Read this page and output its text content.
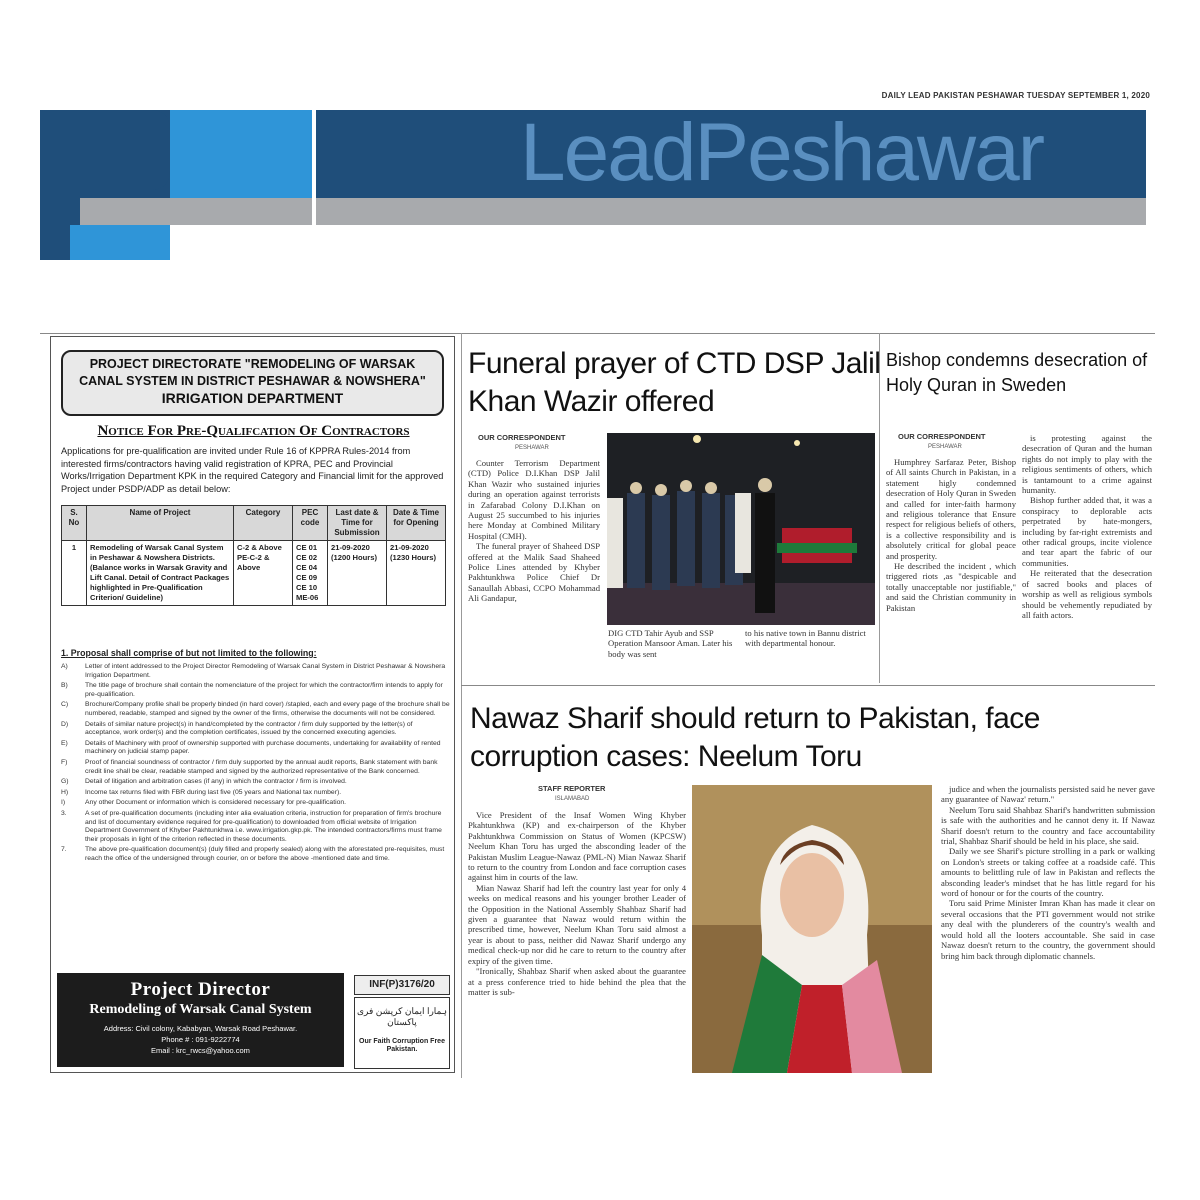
DAILY LEAD PAKISTAN PESHAWAR TUESDAY SEPTEMBER 1, 2020
LeadPeshawar
PROJECT DIRECTORATE "REMODELING OF WARSAK
CANAL SYSTEM IN DISTRICT PESHAWAR & NOWSHERA"
IRRIGATION DEPARTMENT
Notice For Pre-Qualifcation Of Contractors
Applications for pre-qualification are invited under Rule 16 of KPPRA Rules-2014 from interested firms/contractors having valid registration of KPRA, PEC and Provincial Works/Irrigation Department KPK in the required Category and Financial limit for the approved Project under PSDP/ADP as detail below:
S. No	Name of Project	Category	PEC code	Last date & Time for Submission	Date & Time for Opening
1	Remodeling of Warsak Canal System in Peshawar & Nowshera Districts. (Balance works in Warsak Gravity and Lift Canal. Detail of Contract Packages highlighted in Pre-Qualification Criterion/ Guideline)	C-2 & Above PE-C-2 & Above	CE 01 CE 02 CE 04 CE 09 CE 10 ME-06	21-09-2020 (1200 Hours)	21-09-2020 (1230 Hours)
1. Proposal shall comprise of but not limited to the following:
A)	Letter of intent addressed to the Project Director Remodeling of Warsak Canal System in District Peshawar & Nowshera Irrigation Department.
B)	The title page of brochure shall contain the nomenclature of the project for which the contractor/firm intends to apply for pre-qualification.
C)	Brochure/Company profile shall be properly binded (in hard cover) /stapled, each and every page of the brochure shall be numbered, readable, stamped and signed by the owner of the firms, otherwise the documents will not be considered.
D)	Details of similar nature project(s) in hand/completed by the contractor / firm duly supported by the letter(s) of acceptance, work order(s) and the completion certificates, issued by the concerned executing agencies.
E)	Details of Machinery with proof of ownership supported with purchase documents, undertaking for availability of rented machinery on judicial stamp paper.
F)	Proof of financial soundness of contractor / firm duly supported by the annual audit reports, Bank statement with bank credit line shall be clear, readable stamped and signed by the authorized representative of the Bank concerned.
G)	Detail of litigation and arbitration cases (if any) in which the contractor / firm is involved.
H)	Income tax returns filed with FBR during last five (05 years and National tax number).
I)	Any other Document or information which is considered necessary for pre-qualification.
3.	A set of pre-qualification documents (including inter alia evaluation criteria, instruction for preparation of firm's brochure and list of documentary evidence required for pre-qualification) to downloaded from official website of Irrigation Department Government of Khyber Pakhtunkhwa i.e. www.irrigation.gkp.pk. The intended contractors/firms must frame their proposals in light of the criterion reflected in these documents.
7.	The above pre-qualification document(s) (duly filled and properly sealed) along with the aforestated pre-requisites, must reach the office of the undersigned through courier, on or before the above -mentioned date and time.
Project Director
Remodeling of Warsak Canal System
Address: Civil colony, Kababyan, Warsak Road Peshawar.
Phone # : 091-9222774
Email : krc_rwcs@yahoo.com
INF(P)3176/20
ہمارا ایمان کرپشن فری پاکستان
Our Faith Corruption Free Pakistan.
Funeral prayer of CTD DSP Jalil Khan Wazir offered
OUR CORRESPONDENT
PESHAWAR

Counter Terrorism Department (CTD) Police D.I.Khan DSP Jalil Khan Wazir who sustained injuries during an operation against terrorists in Zafarabad Colony D.I.Khan on August 25 succumbed to his injuries here Monday at Combined Military Hospital (CMH).

The funeral prayer of Shaheed DSP offered at the Malik Saad Shaheed Police Lines attended by Khyber Pakhtunkhwa Police Chief Dr Sanaullah Abbasi, CCPO Mohammad Ali Gandapur,

DIG CTD Tahir Ayub and SSP Operation Mansoor Aman. Later his body was sent
to his native town in Bannu district with departmental honour.
Bishop condemns desecration of Holy Quran in Sweden
OUR CORRESPONDENT
PESHAWAR

Humphrey Sarfaraz Peter, Bishop of All saints Church in Pakistan, in a statement higly condemned desecration of Holy Quran in Sweden and called for inter-faith harmony and religious tolerance that Ensure respect for religious beliefs of others, is a collective responsibility and is absolutely critical for global peace and prosperity.

He described the incident , which triggered riots ,as "despicable and totally unacceptable nor justifiable," and said the Christian community in Pakistan

is protesting against the desecration of Quran and the human rights do not imply to play with the religious sentiments of others, which is tantamount to a crime against humanity.

Bishop further added that, it was a conspiracy to deplorable acts perpetrated by hate-mongers, including by far-right extremists and other radical groups, incite violence and tear apart the fabric of our communities.

He reiterated that the desecration of sacred books and places of worship as well as religious symbols should be vehemently repudiated by all faith actors.

Nawaz Sharif should return to Pakistan, face corruption cases: Neelum Toru
STAFF REPORTER
ISLAMABAD

Vice President of the Insaf Women Wing Khyber Pkahtunkhwa (KP) and ex-chairperson of the Khyber Pakhtunkhwa Commission on Status of Women (KPCSW) Neelum Khan Toru has urged the absconding leader of the Pakistan Muslim League-Nawaz (PML-N) Mian Nawaz Sharif to return to the country from London and face corruption cases against him in courts of the law.

Mian Nawaz Sharif had left the country last year for only 4 weeks on medical reasons and his younger brother Leader of the Opposition in the National Assembly Shahbaz Sharif had given a guarantee that Nawaz would return within the prescribed time, however, Neelum Khan Toru said almost a year is about to pass, neither did Nawaz Sharif undergo any medical check-up nor did he care to return to the country after expiry of the given time.

"Ironically, Shahbaz Sharif when asked about the guarantee at a press conference tried to hide behind the plea that the matter is sub-

judice and when the journalists persisted said he never gave any guarantee of Nawaz' return."

Neelum Toru said Shahbaz Sharif's handwritten submission is safe with the authorities and he cannot deny it. If Nawaz Sharif doesn't return to the country and face accountability trial, Shahbaz Sharif should be held in his place, she said.

Daily we see Sharif's picture strolling in a park or walking on London's streets or taking coffee at a roadside café. This amounts to belittling rule of law in Pakistan and reflects the absconding leader's mindset that he has little regard for his word of honour or for the courts of the country.

Toru said Prime Minister Imran Khan has made it clear on several occasions that the PTI government would not strike any deal with the plunderers of the country's wealth and would hold all the looters accountable. She said in case Nawaz doesn't return to the country, the government should bring him back through diplomatic channels.
